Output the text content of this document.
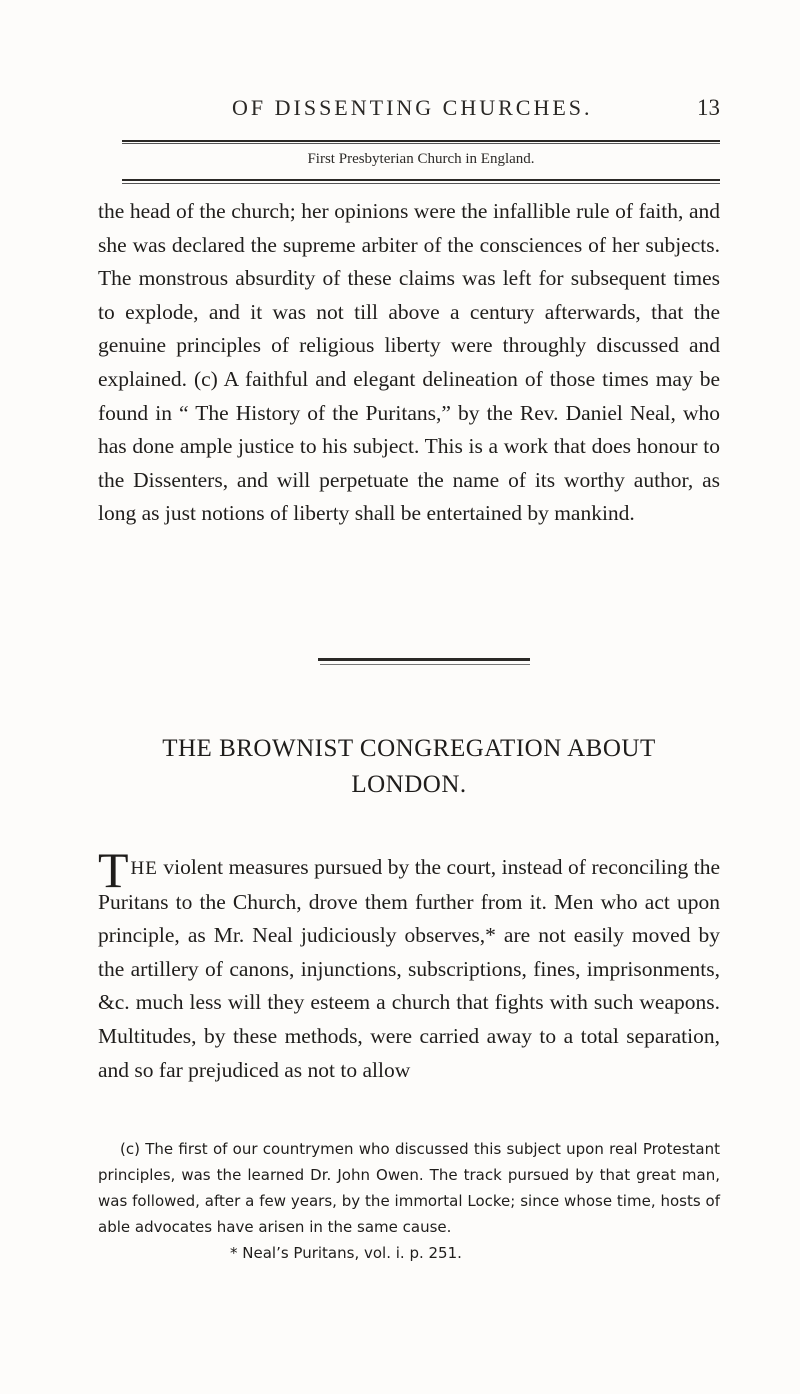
OF DISSENTING CHURCHES.	13
First Presbyterian Church in England.

the head of the church; her opinions were the infallible rule of faith, and she was declared the supreme arbiter of the consciences of her subjects. The monstrous absurdity of these claims was left for subsequent times to explode, and it was not till above a century afterwards, that the genuine principles of religious liberty were throughly discussed and explained. (c) A faithful and elegant delineation of those times may be found in “ The History of the Puritans,” by the Rev. Daniel Neal, who has done ample justice to his subject. This is a work that does honour to the Dissenters, and will perpetuate the name of its worthy author, as long as just notions of liberty shall be entertained by mankind.

THE BROWNIST CONGREGATION ABOUT
LONDON.

THE violent measures pursued by the court, instead of reconciling the Puritans to the Church, drove them further from it. Men who act upon principle, as Mr. Neal judiciously observes,* are not easily moved by the artillery of canons, injunctions, subscriptions, fines, imprisonments, &c. much less will they esteem a church that fights with such weapons. Multitudes, by these methods, were carried away to a total separation, and so far prejudiced as not to allow

(c) The first of our countrymen who discussed this subject upon real Protestant principles, was the learned Dr. John Owen. The track pursued by that great man, was followed, after a few years, by the immortal Locke; since whose time, hosts of able advocates have arisen in the same cause.

* Neal’s Puritans, vol. i. p. 251.
